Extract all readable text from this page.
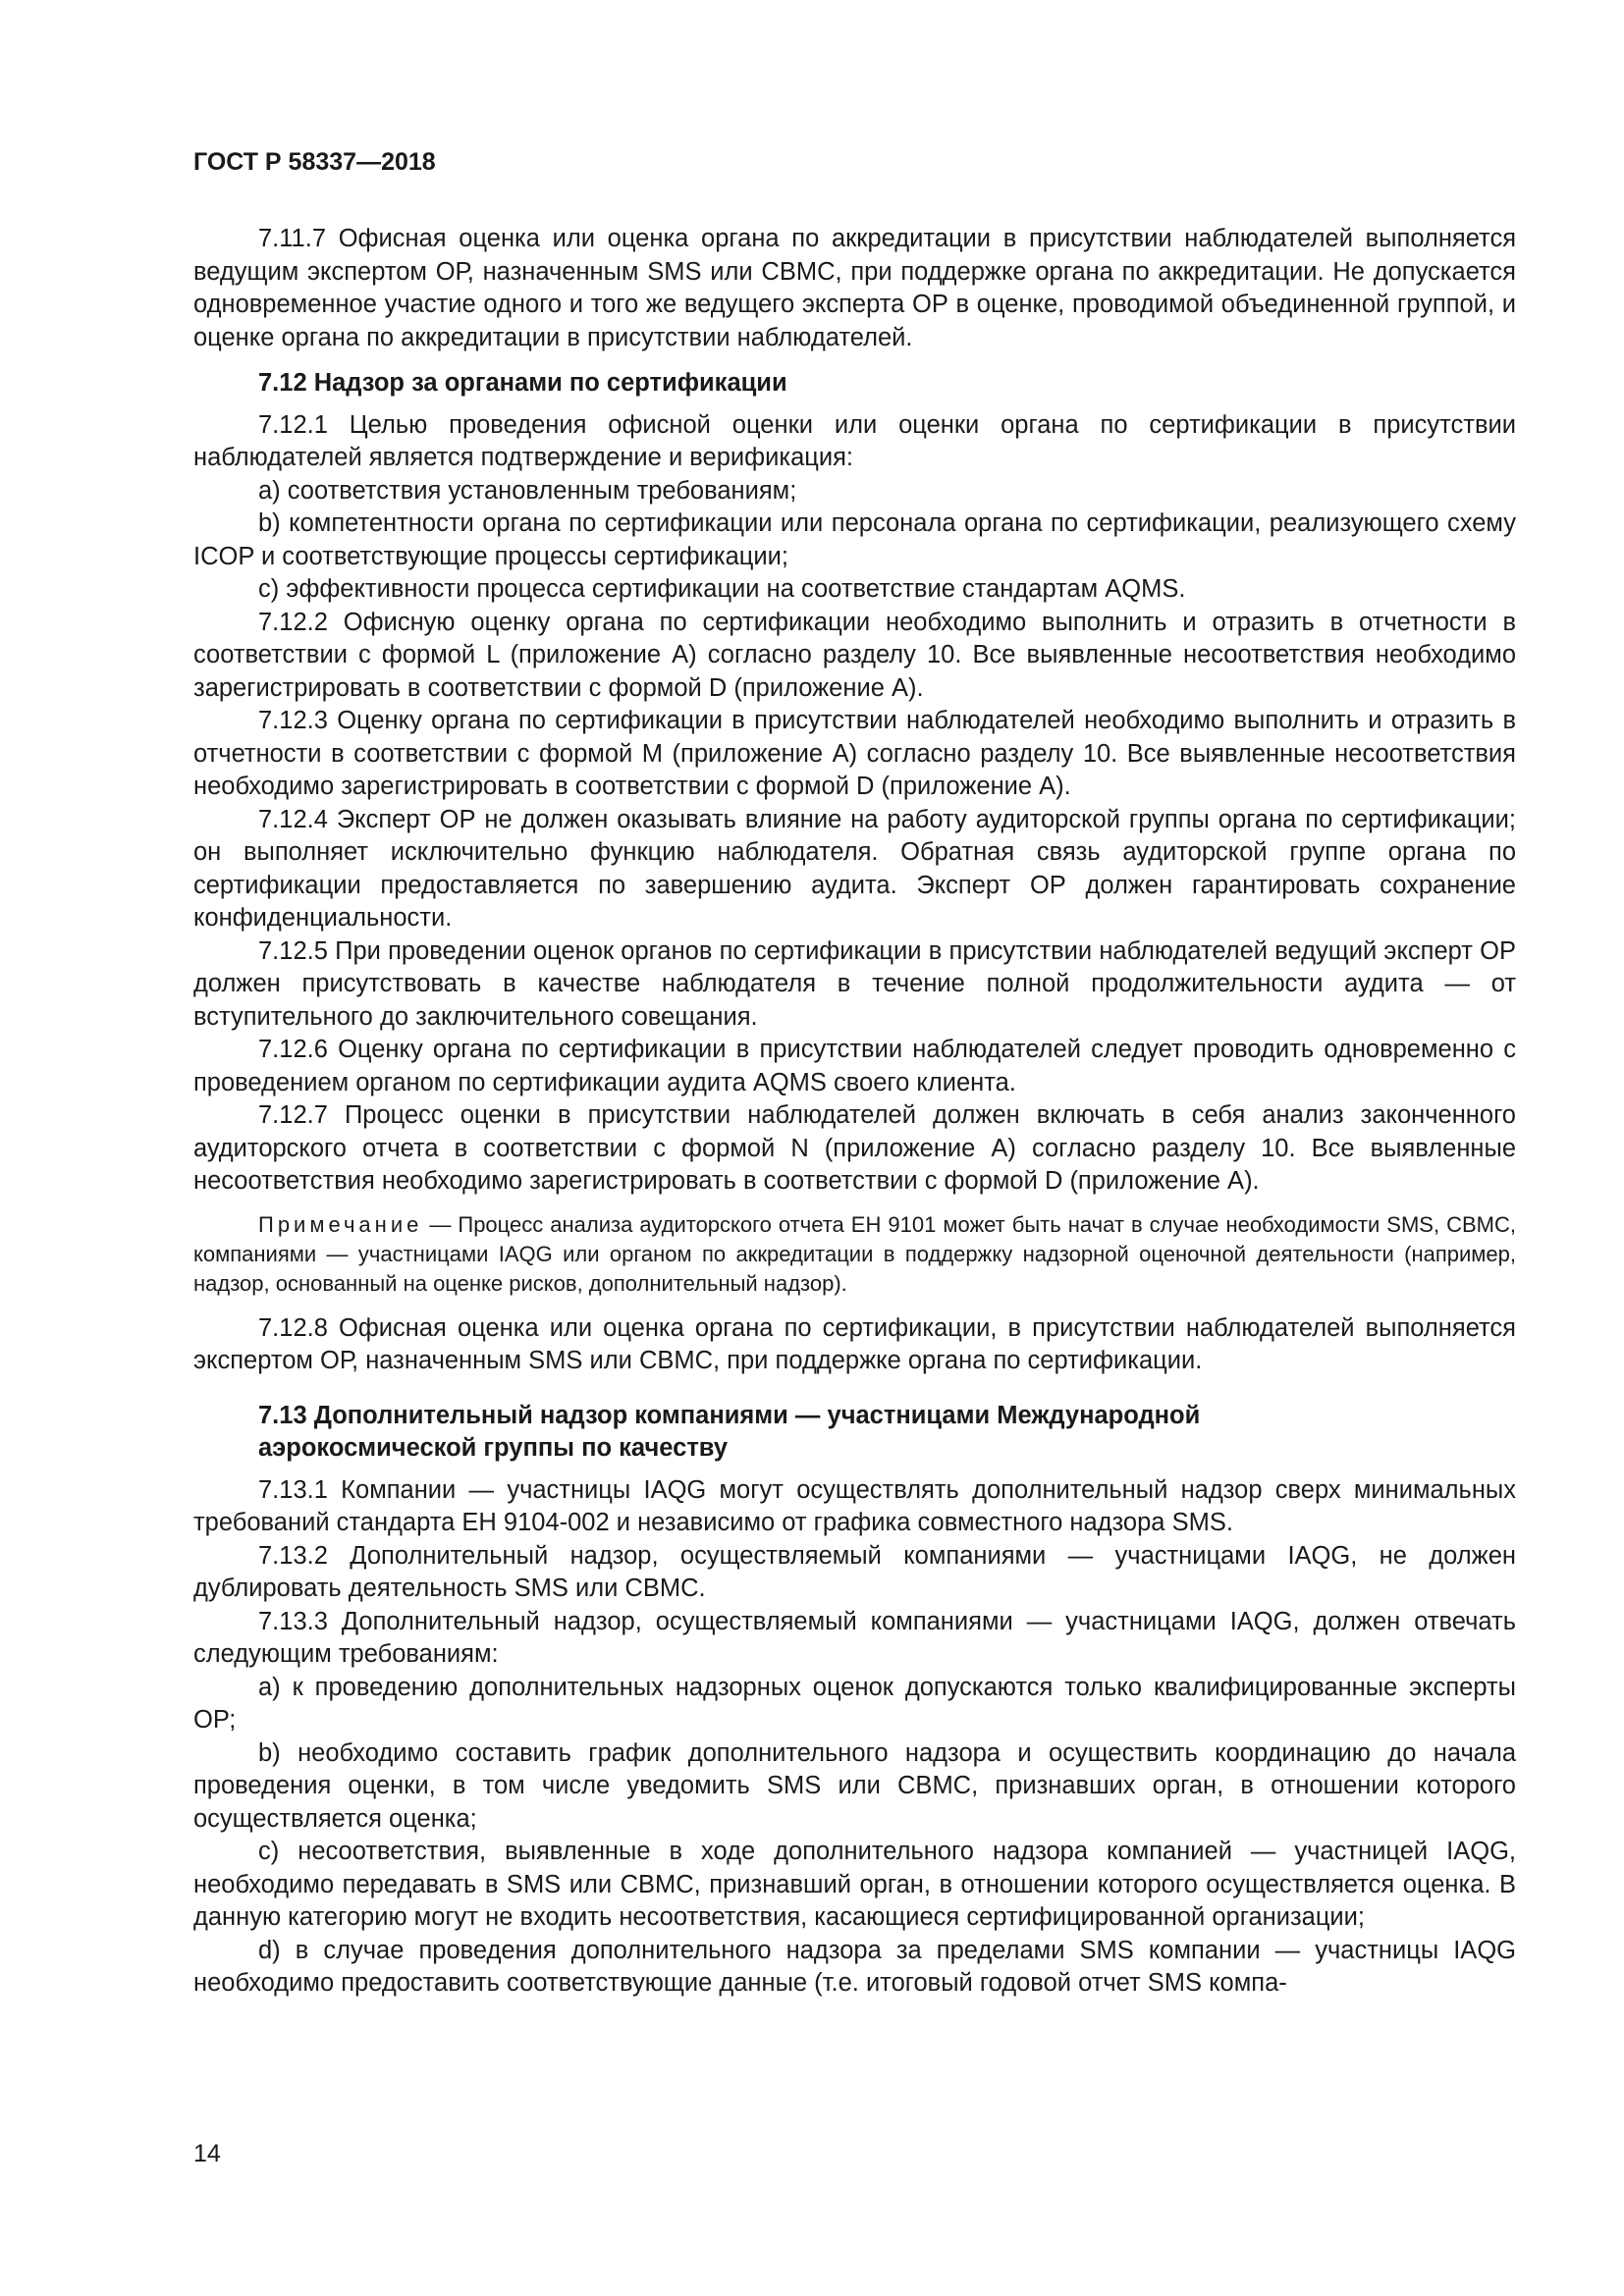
ГОСТ Р 58337—2018

7.11.7 Офисная оценка или оценка органа по аккредитации в присутствии наблюдателей выполняется ведущим экспертом ОР, назначенным SMS или CBMC, при поддержке органа по аккредитации. Не допускается одновременное участие одного и того же ведущего эксперта ОР в оценке, проводимой объединенной группой, и оценке органа по аккредитации в присутствии наблюдателей.

7.12 Надзор за органами по сертификации

7.12.1 Целью проведения офисной оценки или оценки органа по сертификации в присутствии наблюдателей является подтверждение и верификация:

а) соответствия установленным требованиям;

b) компетентности органа по сертификации или персонала органа по сертификации, реализующего схему ICOP и соответствующие процессы сертификации;

с) эффективности процесса сертификации на соответствие стандартам AQMS.

7.12.2 Офисную оценку органа по сертификации необходимо выполнить и отразить в отчетности в соответствии с формой L (приложение А) согласно разделу 10. Все выявленные несоответствия необходимо зарегистрировать в соответствии с формой D (приложение А).

7.12.3 Оценку органа по сертификации в присутствии наблюдателей необходимо выполнить и отразить в отчетности в соответствии с формой М (приложение А) согласно разделу 10. Все выявленные несоответствия необходимо зарегистрировать в соответствии с формой D (приложение А).

7.12.4 Эксперт ОР не должен оказывать влияние на работу аудиторской группы органа по сертификации; он выполняет исключительно функцию наблюдателя. Обратная связь аудиторской группе органа по сертификации предоставляется по завершению аудита. Эксперт ОР должен гарантировать сохранение конфиденциальности.

7.12.5 При проведении оценок органов по сертификации в присутствии наблюдателей ведущий эксперт ОР должен присутствовать в качестве наблюдателя в течение полной продолжительности аудита — от вступительного до заключительного совещания.

7.12.6 Оценку органа по сертификации в присутствии наблюдателей следует проводить одновременно с проведением органом по сертификации аудита AQMS своего клиента.

7.12.7 Процесс оценки в присутствии наблюдателей должен включать в себя анализ законченного аудиторского отчета в соответствии с формой N (приложение А) согласно разделу 10. Все выявленные несоответствия необходимо зарегистрировать в соответствии с формой D (приложение А).

Примечание — Процесс анализа аудиторского отчета ЕН 9101 может быть начат в случае необходимости SMS, CBMC, компаниями — участницами IAQG или органом по аккредитации в поддержку надзорной оценочной деятельности (например, надзор, основанный на оценке рисков, дополнительный надзор).

7.12.8 Офисная оценка или оценка органа по сертификации, в присутствии наблюдателей выполняется экспертом ОР, назначенным SMS или CBMC, при поддержке органа по сертификации.

7.13 Дополнительный надзор компаниями — участницами Международной
аэрокосмической группы по качеству

7.13.1 Компании — участницы IAQG могут осуществлять дополнительный надзор сверх минимальных требований стандарта ЕН 9104-002 и независимо от графика совместного надзора SMS.

7.13.2 Дополнительный надзор, осуществляемый компаниями — участницами IAQG, не должен дублировать деятельность SMS или CBMC.

7.13.3 Дополнительный надзор, осуществляемый компаниями — участницами IAQG, должен отвечать следующим требованиям:

а) к проведению дополнительных надзорных оценок допускаются только квалифицированные эксперты ОР;

b) необходимо составить график дополнительного надзора и осуществить координацию до начала проведения оценки, в том числе уведомить SMS или CBMC, признавших орган, в отношении которого осуществляется оценка;

с) несоответствия, выявленные в ходе дополнительного надзора компанией — участницей IAQG, необходимо передавать в SMS или CBMC, признавший орган, в отношении которого осуществляется оценка. В данную категорию могут не входить несоответствия, касающиеся сертифицированной организации;

d) в случае проведения дополнительного надзора за пределами SMS компании — участницы IAQG необходимо предоставить соответствующие данные (т.е. итоговый годовой отчет SMS компа-

14
